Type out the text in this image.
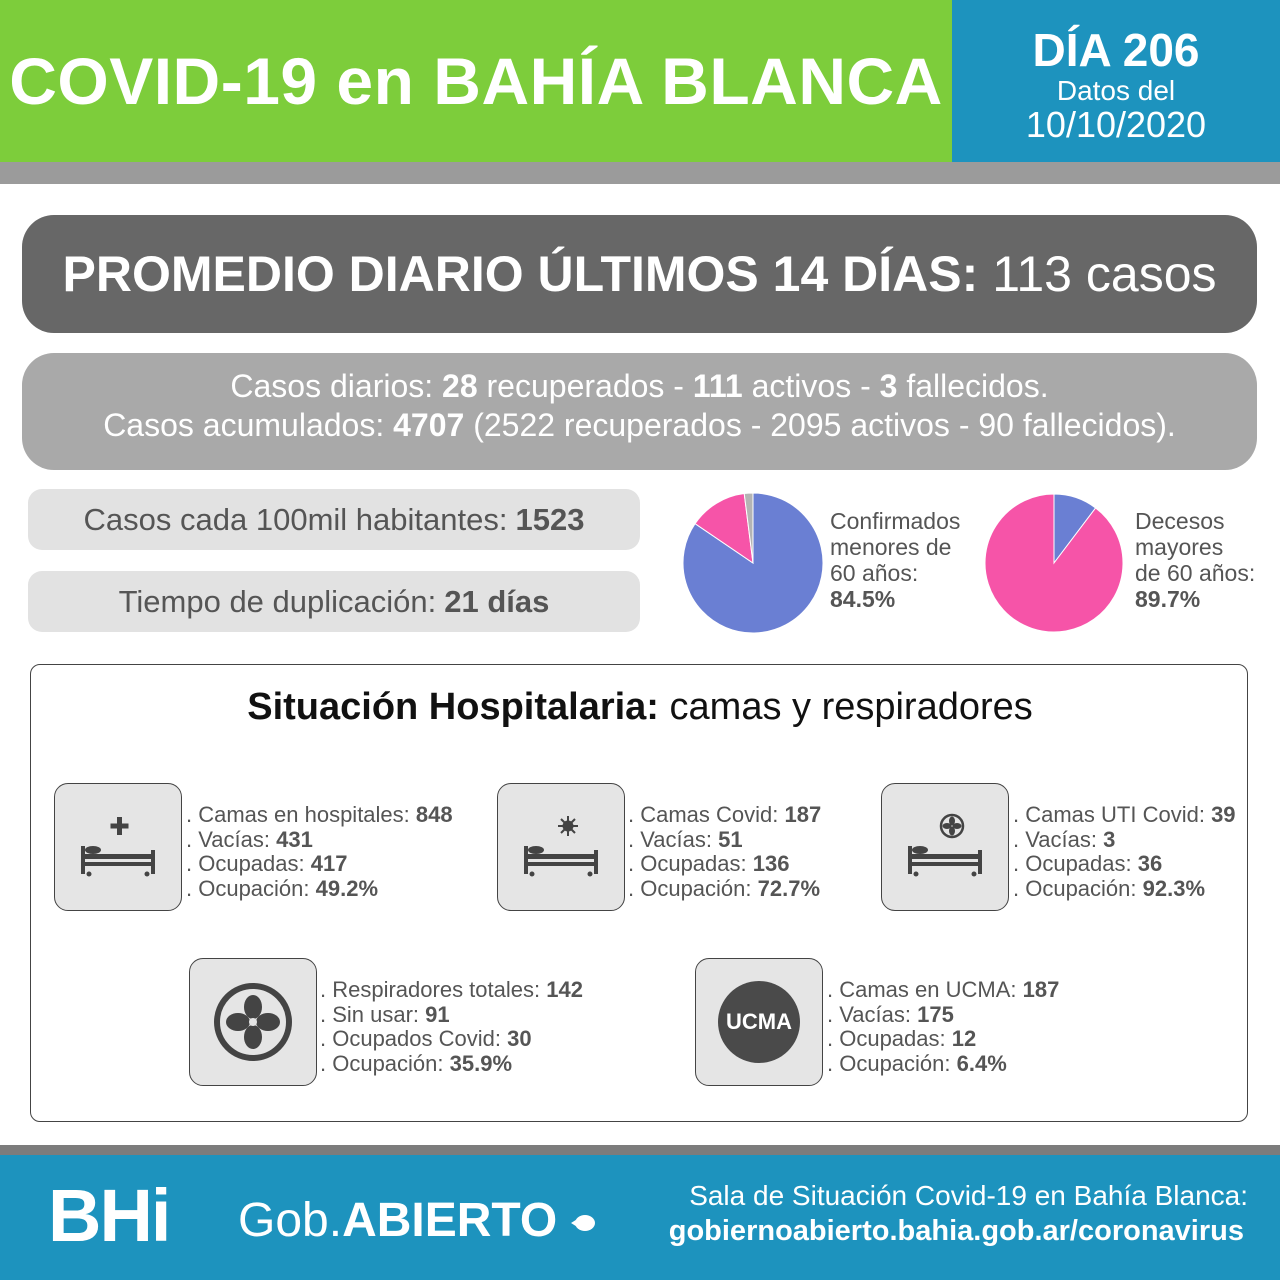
COVID-19 en BAHÍA BLANCA	DÍA 206
Datos del
10/10/2020
PROMEDIO DIARIO ÚLTIMOS 14 DÍAS: 113 casos
Casos diarios: 28 recuperados - 111 activos - 3 fallecidos.
Casos acumulados: 4707 (2522 recuperados - 2095 activos - 90 fallecidos).
Casos cada 100mil habitantes: 1523
Tiempo de duplicación: 21 días
Confirmados
menores de
60 años:
84.5%
Decesos
mayores
de 60 años:
89.7%
Situación Hospitalaria: camas y respiradores
. Camas en hospitales: 848
. Vacías: 431
. Ocupadas: 417
. Ocupación: 49.2%
. Camas Covid: 187
. Vacías: 51
. Ocupadas: 136
. Ocupación: 72.7%
. Camas UTI Covid: 39
. Vacías: 3
. Ocupadas: 36
. Ocupación: 92.3%
. Respiradores totales: 142
. Sin usar: 91
. Ocupados Covid: 30
. Ocupación: 35.9%
UCMA
. Camas en UCMA: 187
. Vacías: 175
. Ocupadas: 12
. Ocupación: 6.4%
BHi Gob.ABIERTO	Sala de Situación Covid-19 en Bahía Blanca:
gobiernoabierto.bahia.gob.ar/coronavirus
